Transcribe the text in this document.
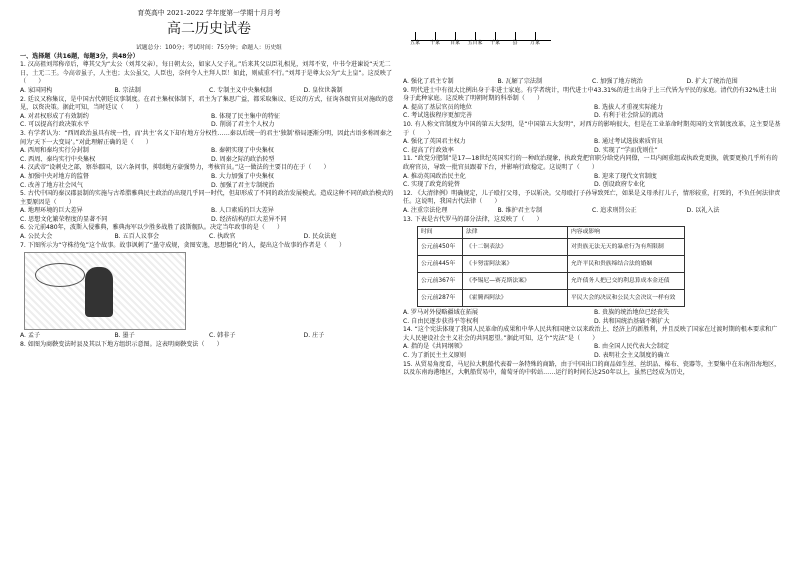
育英高中 2021-2022 学年度第一学期十月月考
高二历史试卷

试题总分：100分；考试时间：75分钟；命题人：历史组

一、选择题（共16题，每题3分，共48分）

1. 汉高祖刘邦称帝后，尊其父为“太公（刘邦父亲），每日朝太公，如家人父子礼。”后来其父以臣礼相见，刘邦不安，中书令进谏说“天无二日，土无二王。今高帝虽子，人主也；太公虽父，人臣也，奈何令人主拜人臣！如此，则威重不行。”刘邦于是尊太公为“太上皇”。这反映了（　　）

A. 家国同构	B. 宗法制	C. 专制主义中央集权制	D. 皇位世袭制

2. 廷议又称集议，是中国古代朝廷议事制度。在君主集权体制下，君主为了集思广益，都采取集议、廷议的方式，征询各级官员对施政的意见，以资决策。据此可知，当时廷议（　　）

A. 对君权形成了有效制约	B. 体现了民主集中的特征
C. 可以提高行政决策水平	D. 削弱了君主个人权力

3. 有学者认为：“西周政治虽具有统一性，而‘共主’名义下却有地方分权性……秦以后统一的君主‘独制’格局逐渐分明，因此古语多称周秦之间为‘天下一大变局’。”对此理解正确的是（　　）

A. 西周和秦均实行分封制	B. 秦朝实现了中央集权
C. 西周、秦均实行中央集权	D. 周秦之际的政治转型

4. 汉武帝“设刺史之部，察举郡国，以六条问事，抑制地方豪强势力，考核官员。”这一做法的主要目的在于（　　）

A. 加强中央对地方的监督	B. 大力加强了中央集权
C. 改善了地方社会风气	D. 加强了君主专制统治

5. 古代中国的秦汉郡县制的实施与古希腊雅典民主政治的出现几乎同一时代，但却形成了不同的政治发展模式。造成这种不同的政治模式的主要原因是（　　）

A. 地理环境的巨大差异	B. 人口素质的巨大差异
C. 思想文化繁荣程度的显著不同	D. 经济结构的巨大差异不同

6. 公元前480年，波斯入侵雅典，雅典海军以少胜多战胜了波斯舰队。决定当年政事的是（　　）

A. 公民大会	B. 五百人议事会	C. 执政官	D. 民众法庭

7. 下图所示为“守株待兔”这个故事。故事讽刺了“墨守成规，贪图安逸，思想僵化”的人，提出这个故事的作者是（　　）

A. 孟子	B. 墨子	C. 韩非子	D. 庄子

8. 如图为商鞅变法时县及其以下地方组织示意图。这表明商鞅变法（　　）

五家	十家	百家	五百家	千家	县	万家
A. 强化了君主专制	B. 瓦解了宗法制	C. 加强了地方统治	D. 扩大了统治范围

9. 明代进士中有很大比例出身于非进士家庭。有学者统计，明代进士中43.31%的进士出身于上三代皆为平民的家庭。清代仍有32%进士出身于此种家庭。这反映了明朝时期的科举制（　　）

A. 提高了基层官员的地位	B. 选拔人才重视实际能力
C. 考试选拔程序更加完善	D. 有利于社会阶层的流动

10. 有人称文官制度为中国的第五大发明，是“中国第五大发明”，对西方的影响很大，但是在工业革命时期英国的文官制度改革，这主要是基于（　　）

A. 强化了英国君主权力	B. 通过考试选拔素质官员
C. 提高了行政效率	D. 实现了“学而优则仕”

11. “政党分肥制”是17—18世纪英国实行的一种政治现象，执政党把官职分给党内同僚，一旦内阁重组或执政党更换，就要更换几乎所有的政府官员，导致一批官员跟着下台，并影响行政稳定。这说明了（　　）

A. 推动英国政治民主化	B. 迎来了现代文官制度
C. 实现了政党的轮替	D. 创设政府专业化

12. 《大清律例》明确规定，儿子殴打父母，予以斩决。父母殴打子孙导致死亡，如果是义母杀打儿子，情形较重，打死的，不负任何法律责任。这说明，我国古代法律（　　）

A. 注重宗法伦理	B. 维护君主专制	C. 追求刑罚公正	D. 以礼入法

13. 下表是古代罗马的部分法律，这反映了（　　）

时间	法律	内容或影响
公元前450年	《十二铜表法》	对贵族无法无天的暴虐行为有所限制
公元前445年	《卡努雷阿法案》	允许平民和贵族缔结合法的婚姻
公元前367年	《李锡尼—赛克斯法案》	允许债务人把已交的利息算成本金还债
公元前287年	《霍腾西阿法》	平民大会的决议和公民大会决议一样有效
A. 罗马对外侵略疆域在拓展	B. 贵族的统治地位已经丧失
C. 自由民逐步获得平等权利	D. 共和国统治基础不断扩大

14. “这个宪法体现了我国人民革命的成果和中华人民共和国建立以来政治上、经济上的新胜利，并且反映了国家在过渡时期的根本要求和广大人民建设社会主义社会的共同愿望。”据此可知，这个“宪法”是（　　）

A. 指的是《共同纲领》	B. 由全国人民代表大会制定
C. 为了新民主主义原则	D. 表明社会主义制度的确立

15. 从贸易角度看，马尼拉大帆船代表着一条特殊的商路，由于中国出口的商品如生丝、丝织品、棉布、瓷器等，主要集中在东南沿海地区，以及东南海港地区，大帆船贸易中，葡萄牙的中转站……运行的时间长达250年以上，虽然已经成为历史，
